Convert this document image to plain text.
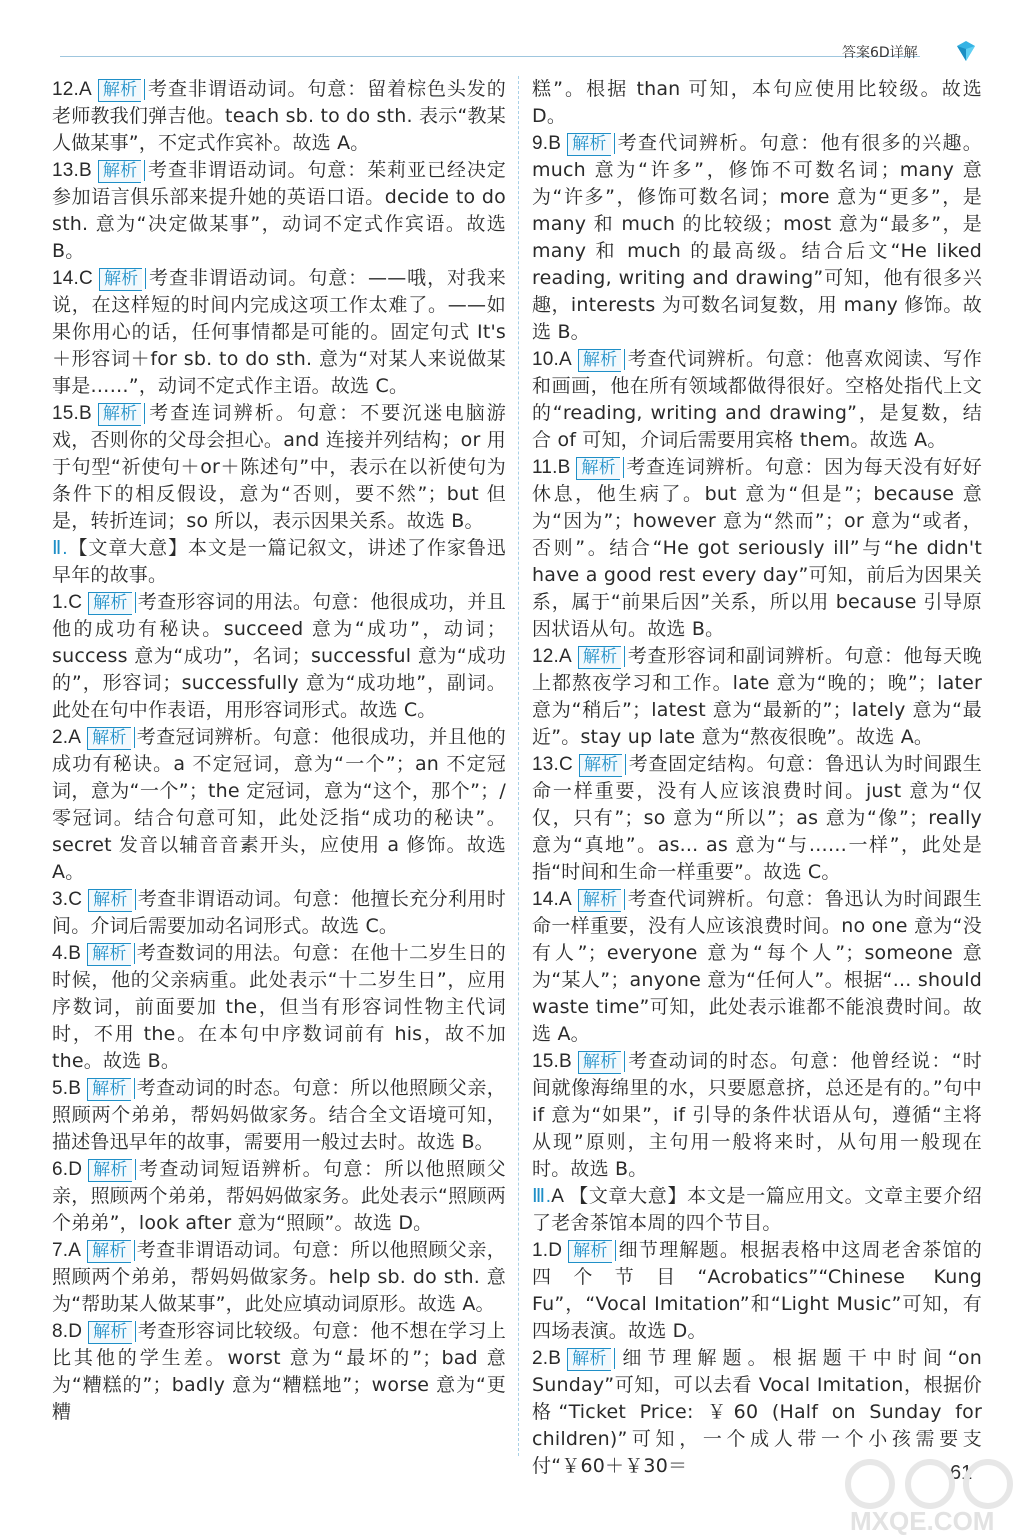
答案6D详解

12.A 解析 考查非谓语动词。句意：留着棕色头发的老师教我们弹吉他。teach sb. to do sth. 表示“教某人做某事”，不定式作宾补。故选 A。

13.B 解析 考查非谓语动词。句意：茱莉亚已经决定参加语言俱乐部来提升她的英语口语。decide to do sth. 意为“决定做某事”，动词不定式作宾语。故选 B。

14.C 解析 考查非谓语动词。句意：——哦，对我来说，在这样短的时间内完成这项工作太难了。——如果你用心的话，任何事情都是可能的。固定句式 It's＋形容词＋for sb. to do sth. 意为“对某人来说做某事是……”，动词不定式作主语。故选 C。

15.B 解析 考查连词辨析。句意：不要沉迷电脑游戏，否则你的父母会担心。and 连接并列结构；or 用于句型“祈使句＋or＋陈述句”中，表示在以祈使句为条件下的相反假设，意为“否则，要不然”；but 但是，转折连词；so 所以，表示因果关系。故选 B。

Ⅱ.【文章大意】本文是一篇记叙文，讲述了作家鲁迅早年的故事。

1.C 解析 考查形容词的用法。句意：他很成功，并且他的成功有秘诀。succeed 意为“成功”，动词；success 意为“成功”，名词；successful 意为“成功的”，形容词；successfully 意为“成功地”，副词。此处在句中作表语，用形容词形式。故选 C。

2.A 解析 考查冠词辨析。句意：他很成功，并且他的成功有秘诀。a 不定冠词，意为“一个”；an 不定冠词，意为“一个”；the 定冠词，意为“这个，那个”；/ 零冠词。结合句意可知，此处泛指“成功的秘诀”。secret 发音以辅音音素开头，应使用 a 修饰。故选 A。

3.C 解析 考查非谓语动词。句意：他擅长充分利用时间。介词后需要加动名词形式。故选 C。

4.B 解析 考查数词的用法。句意：在他十二岁生日的时候，他的父亲病重。此处表示“十二岁生日”，应用序数词，前面要加 the，但当有形容词性物主代词时，不用 the。在本句中序数词前有 his，故不加 the。故选 B。

5.B 解析 考查动词的时态。句意：所以他照顾父亲，照顾两个弟弟，帮妈妈做家务。结合全文语境可知，描述鲁迅早年的故事，需要用一般过去时。故选 B。

6.D 解析 考查动词短语辨析。句意：所以他照顾父亲，照顾两个弟弟，帮妈妈做家务。此处表示“照顾两个弟弟”，look after 意为“照顾”。故选 D。

7.A 解析 考查非谓语动词。句意：所以他照顾父亲，照顾两个弟弟，帮妈妈做家务。help sb. do sth. 意为“帮助某人做某事”，此处应填动词原形。故选 A。

8.D 解析 考查形容词比较级。句意：他不想在学习上比其他的学生差。worst 意为“最坏的”；bad 意为“糟糕的”；badly 意为“糟糕地”；worse 意为“更糟

糕”。根据 than 可知，本句应使用比较级。故选 D。

9.B 解析 考查代词辨析。句意：他有很多的兴趣。much 意为“许多”，修饰不可数名词；many 意为“许多”，修饰可数名词；more 意为“更多”，是 many 和 much 的比较级；most 意为“最多”，是 many 和 much 的最高级。结合后文“He liked reading, writing and drawing”可知，他有很多兴趣，interests 为可数名词复数，用 many 修饰。故选 B。

10.A 解析 考查代词辨析。句意：他喜欢阅读、写作和画画，他在所有领域都做得很好。空格处指代上文的“reading, writing and drawing”，是复数，结合 of 可知，介词后需要用宾格 them。故选 A。

11.B 解析 考查连词辨析。句意：因为每天没有好好休息，他生病了。but 意为“但是”；because 意为“因为”；however 意为“然而”；or 意为“或者，否则”。结合“He got seriously ill”与“he didn't have a good rest every day”可知，前后为因果关系，属于“前果后因”关系，所以用 because 引导原因状语从句。故选 B。

12.A 解析 考查形容词和副词辨析。句意：他每天晚上都熬夜学习和工作。late 意为“晚的；晚”；later 意为“稍后”；latest 意为“最新的”；lately 意为“最近”。stay up late 意为“熬夜很晚”。故选 A。

13.C 解析 考查固定结构。句意：鲁迅认为时间跟生命一样重要，没有人应该浪费时间。just 意为“仅仅，只有”；so 意为“所以”；as 意为“像”；really 意为“真地”。as... as 意为“与……一样”，此处是指“时间和生命一样重要”。故选 C。

14.A 解析 考查代词辨析。句意：鲁迅认为时间跟生命一样重要，没有人应该浪费时间。no one 意为“没有人”；everyone 意为“每个人”；someone 意为“某人”；anyone 意为“任何人”。根据“... should waste time”可知，此处表示谁都不能浪费时间。故选 A。

15.B 解析 考查动词的时态。句意：他曾经说：“时间就像海绵里的水，只要愿意挤，总还是有的。”句中 if 意为“如果”，if 引导的条件状语从句，遵循“主将从现”原则，主句用一般将来时，从句用一般现在时。故选 B。

Ⅲ.A 【文章大意】本文是一篇应用文。文章主要介绍了老舍茶馆本周的四个节目。

1.D 解析 细节理解题。根据表格中这周老舍茶馆的四个节目“Acrobatics”“Chinese Kung Fu”，“Vocal Imitation”和“Light Music”可知，有四场表演。故选 D。

2.B 解析 细节理解题。根据题干中时间“on Sunday”可知，可以去看 Vocal Imitation，根据价格“Ticket Price: ￥60 (Half on Sunday for children)”可知，一个成人带一个小孩需要支付“￥60＋￥30＝	61
MXQE.COM
